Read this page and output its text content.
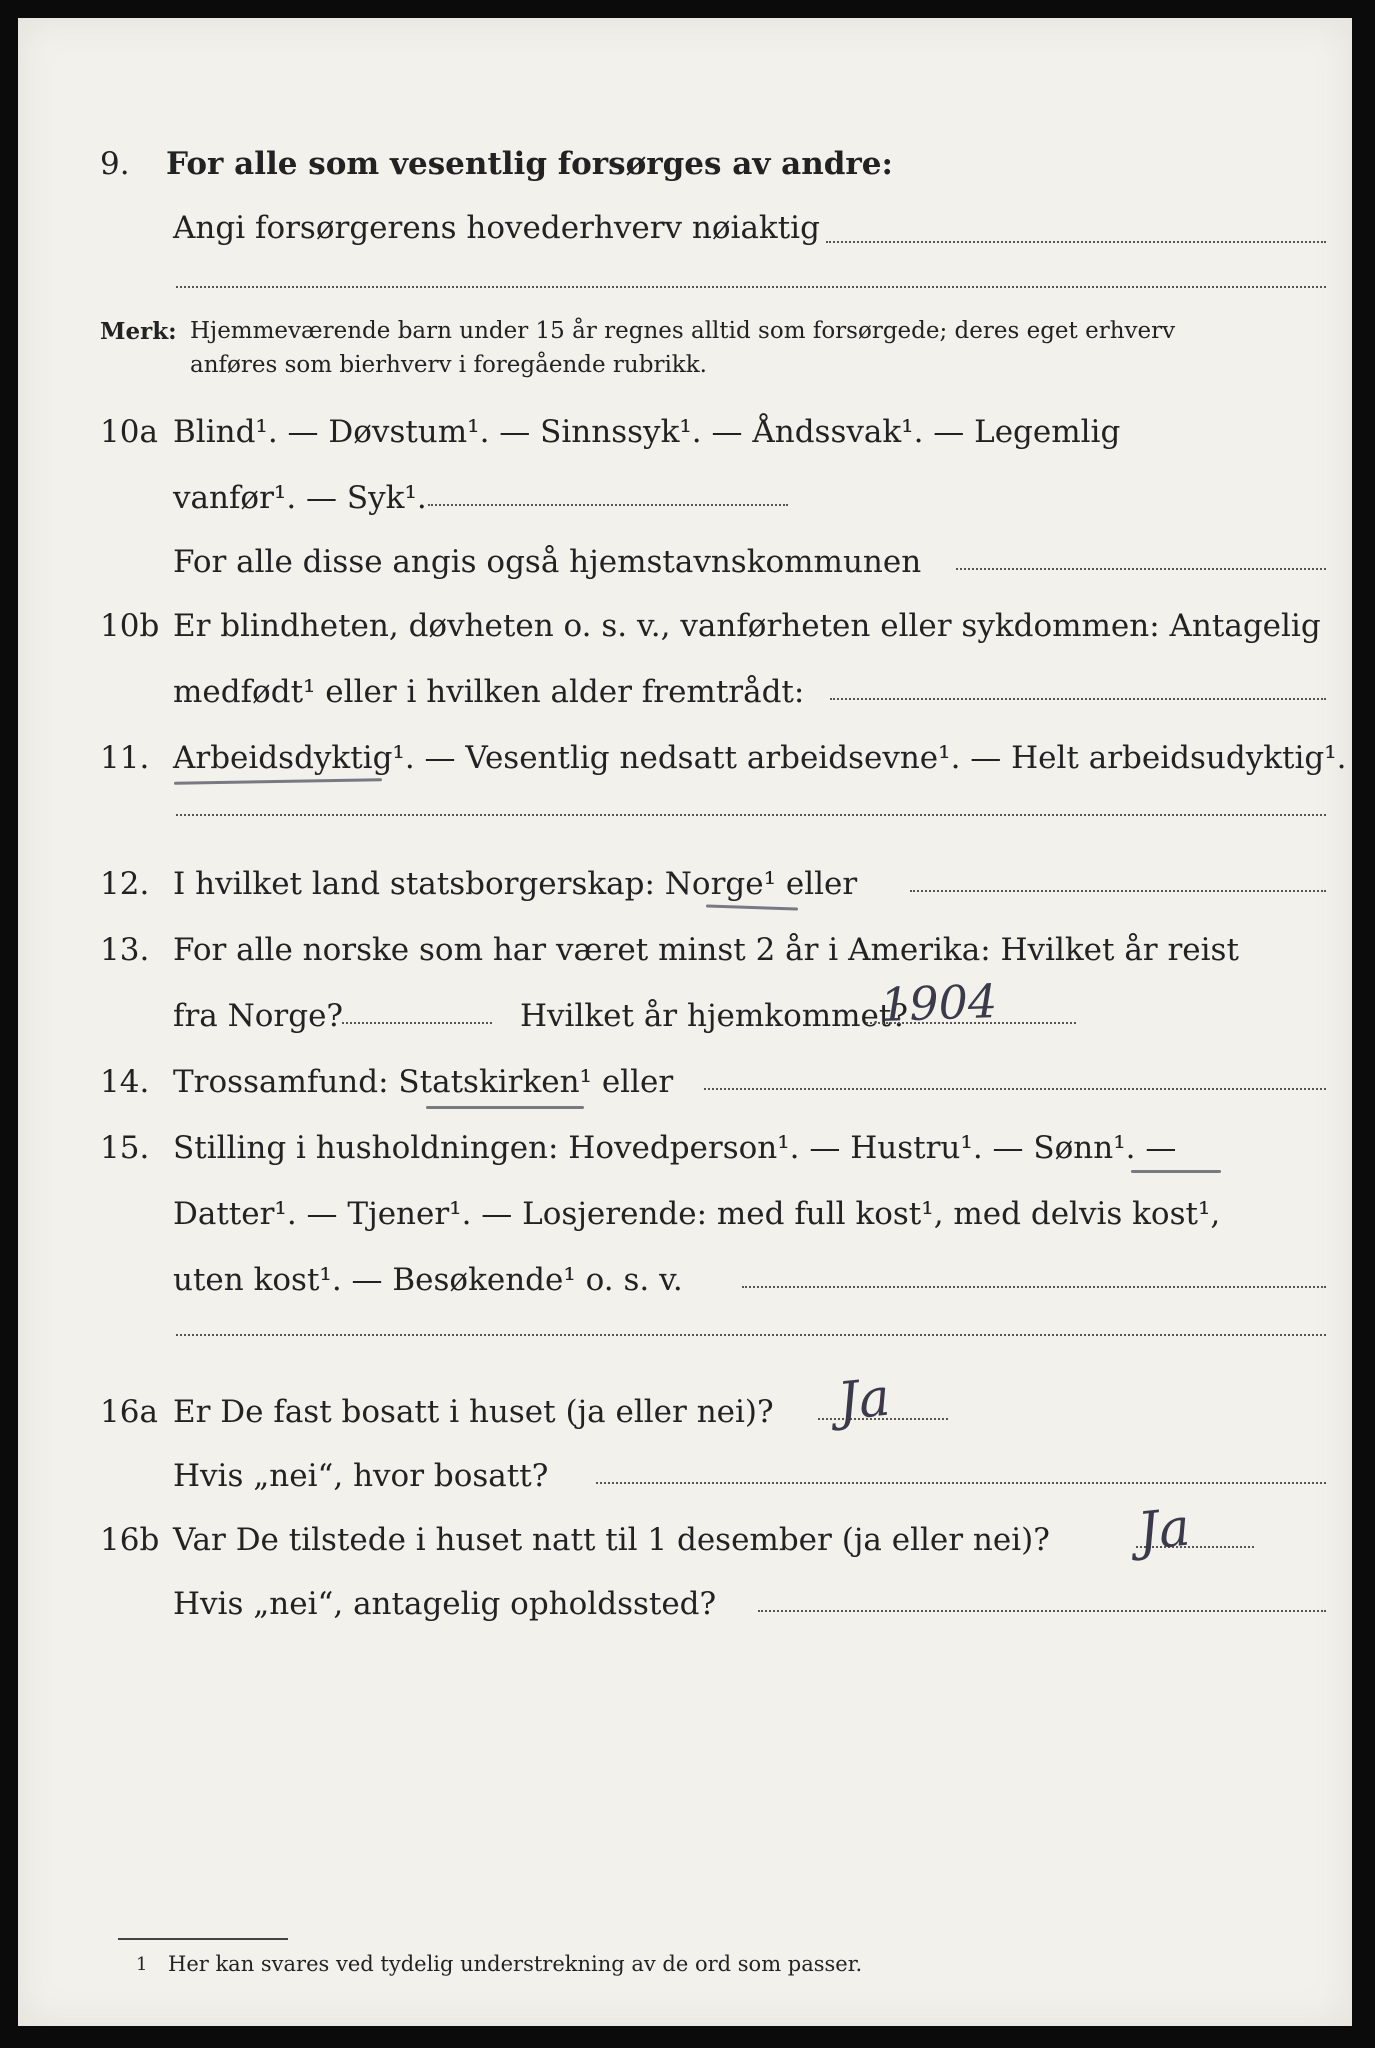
9. For alle som vesentlig forsørges av andre:
Angi forsørgerens hovederhverv nøiaktig
Merk: Hjemmeværende barn under 15 år regnes alltid som forsørgede; deres eget erhverv
anføres som bierhverv i foregående rubrikk.
10a Blind¹. — Døvstum¹. — Sinnssyk¹. — Åndssvak¹. — Legemlig
vanfør¹. — Syk¹.
For alle disse angis også hjemstavnskommunen
10b Er blindheten, døvheten o. s. v., vanførheten eller sykdommen: Antagelig
medfødt¹ eller i hvilken alder fremtrådt:
11. Arbeidsdyktig¹. — Vesentlig nedsatt arbeidsevne¹. — Helt arbeidsudyktig¹.
12. I hvilket land statsborgerskap: Norge¹ eller
13. For alle norske som har været minst 2 år i Amerika: Hvilket år reist
fra Norge?	Hvilket år hjemkommet?
1904
14. Trossamfund: Statskirken¹ eller
15. Stilling i husholdningen: Hovedperson¹. — Hustru¹. — Sønn¹. —
Datter¹. — Tjener¹. — Losjerende: med full kost¹, med delvis kost¹,
uten kost¹. — Besøkende¹ o. s. v.
16a Er De fast bosatt i huset (ja eller nei)? Ja
Hvis „nei“, hvor bosatt?
16b Var De tilstede i huset natt til 1 desember (ja eller nei)? Ja
Hvis „nei“, antagelig opholdssted?
1 Her kan svares ved tydelig understrekning av de ord som passer.
